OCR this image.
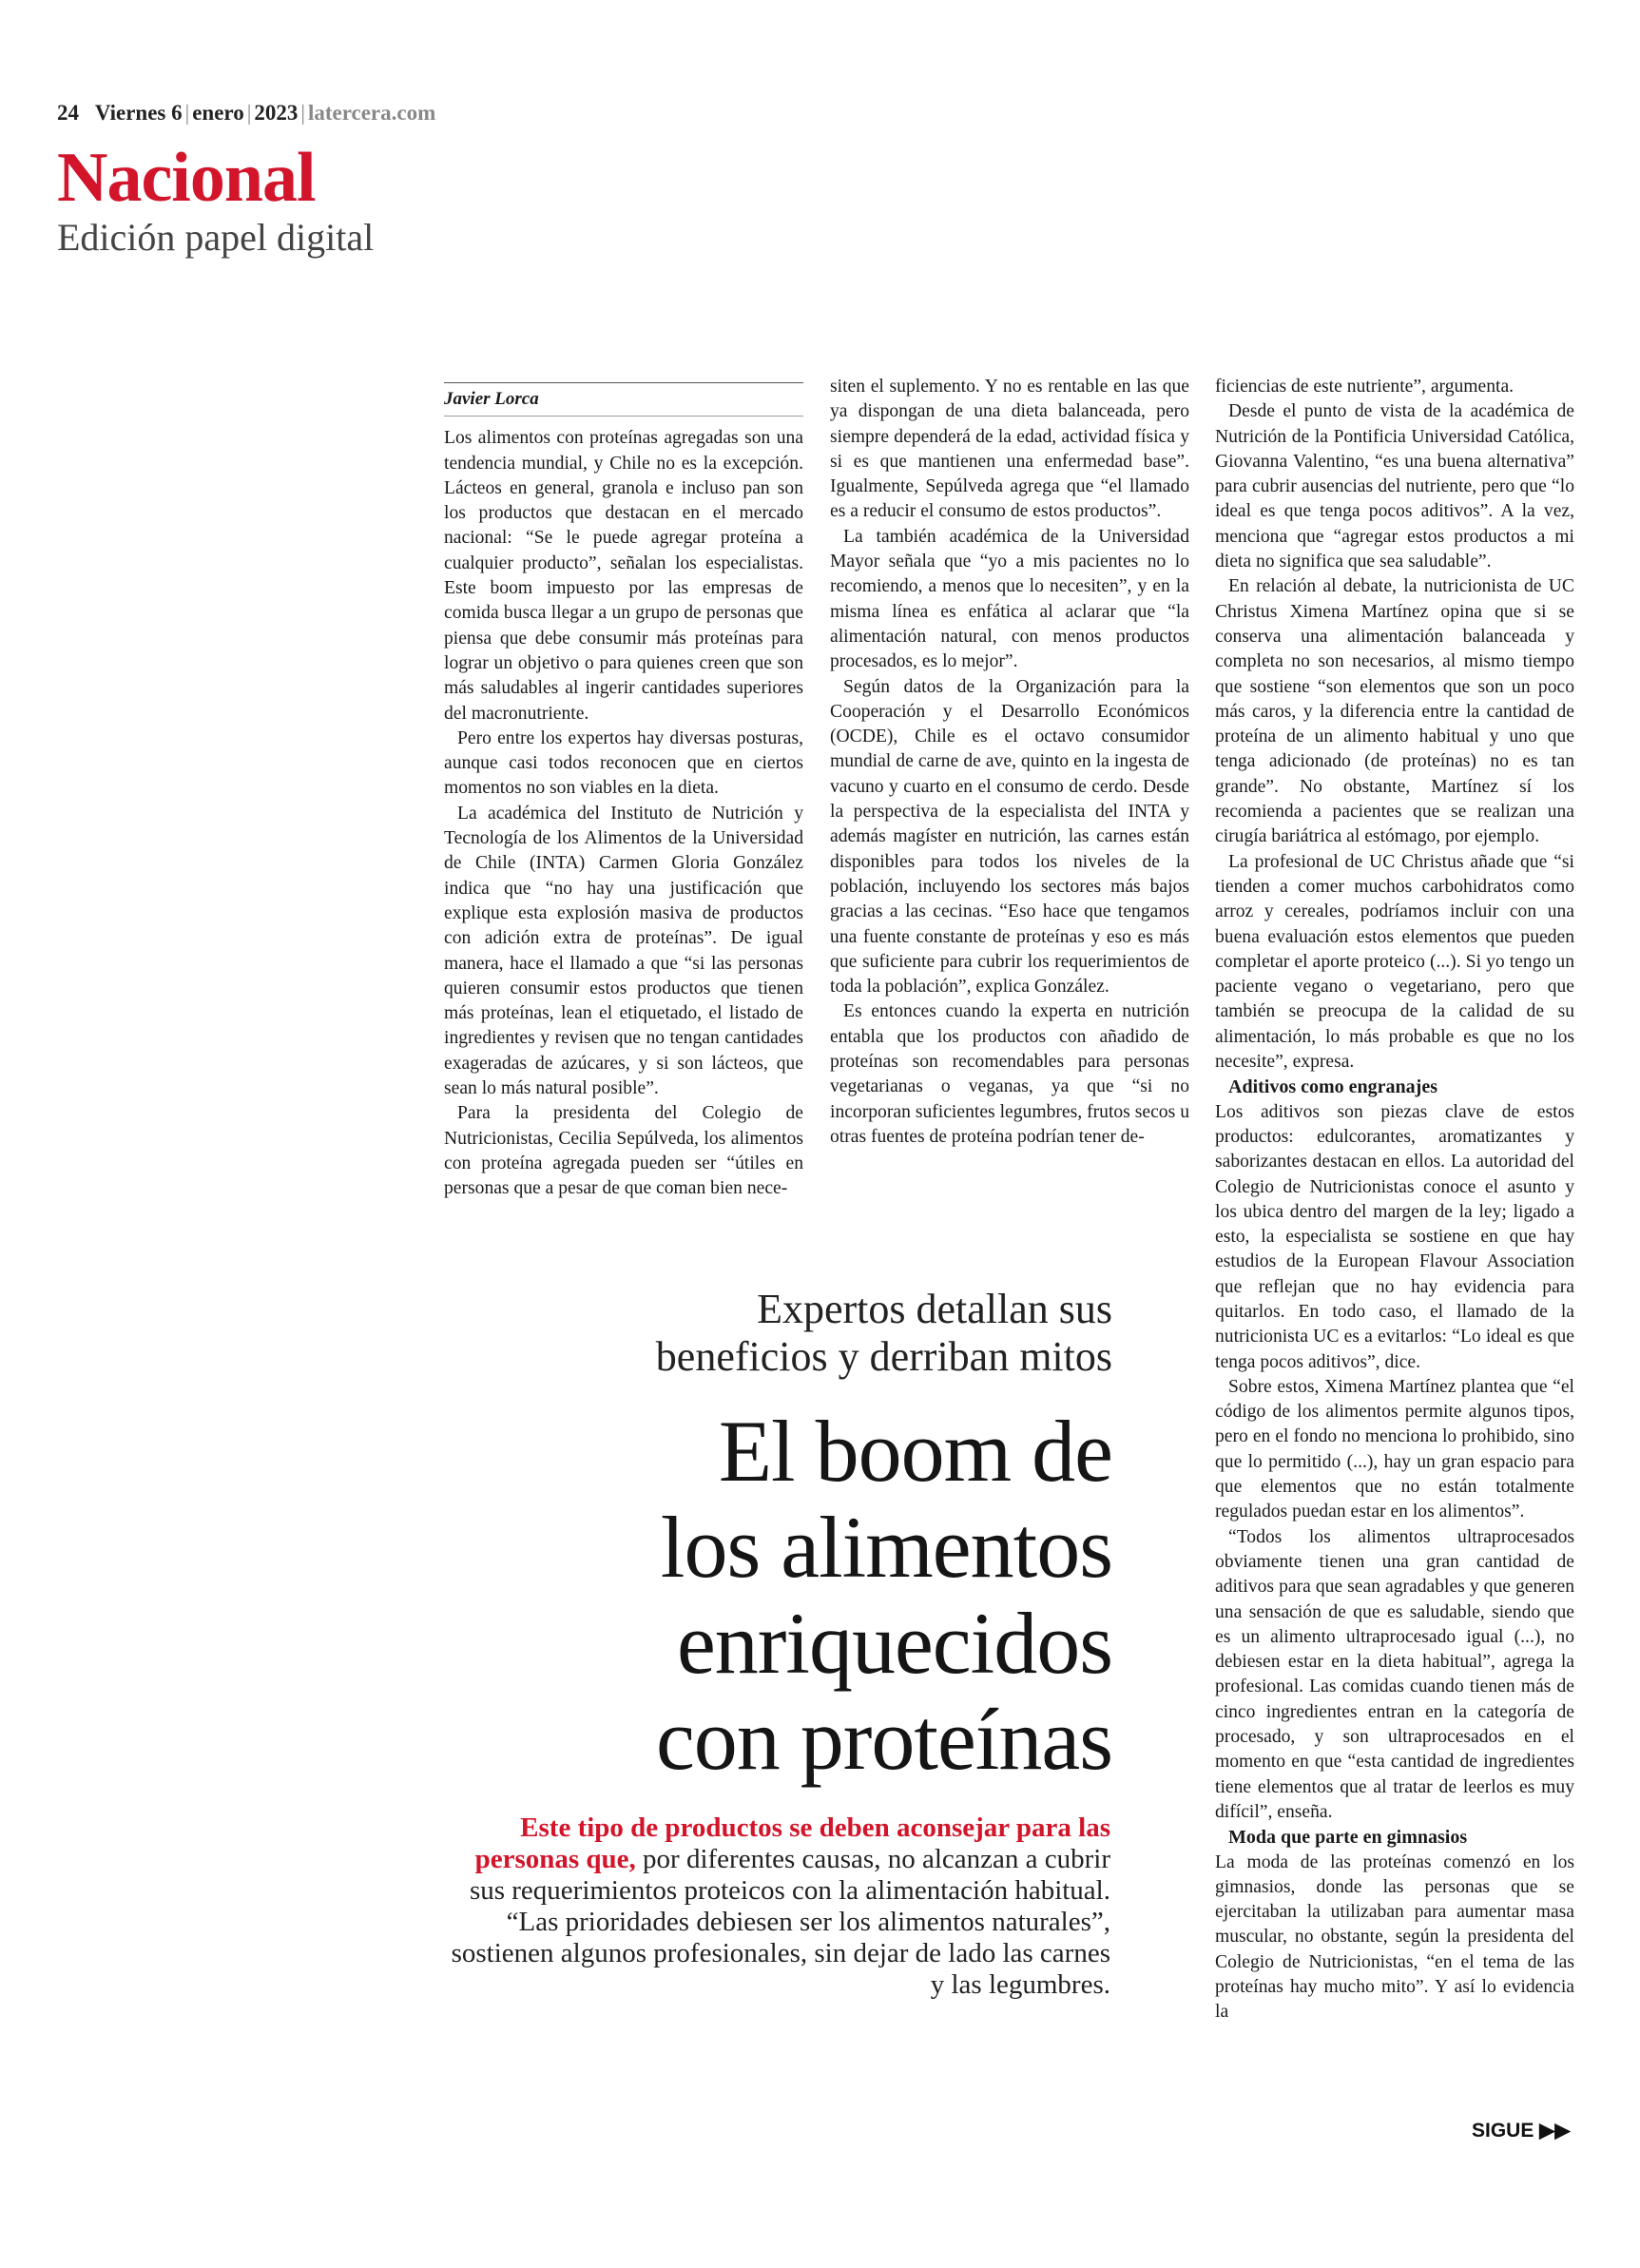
24 Viernes 6 | enero | 2023 | latercera.com
Nacional
Edición papel digital
Javier Lorca

Los alimentos con proteínas agregadas son una tendencia mundial, y Chile no es la excepción. Lácteos en general, granola e incluso pan son los productos que destacan en el mercado nacional: “Se le puede agregar proteína a cualquier producto”, señalan los especialistas. Este boom impuesto por las empresas de comida busca llegar a un grupo de personas que piensa que debe consumir más proteínas para lograr un objetivo o para quienes creen que son más saludables al ingerir cantidades superiores del macronutriente.

Pero entre los expertos hay diversas posturas, aunque casi todos reconocen que en ciertos momentos no son viables en la dieta.

La académica del Instituto de Nutrición y Tecnología de los Alimentos de la Universidad de Chile (INTA) Carmen Gloria González indica que “no hay una justificación que explique esta explosión masiva de productos con adición extra de proteínas”. De igual manera, hace el llamado a que “si las personas quieren consumir estos productos que tienen más proteínas, lean el etiquetado, el listado de ingredientes y revisen que no tengan cantidades exageradas de azúcares, y si son lácteos, que sean lo más natural posible”.

Para la presidenta del Colegio de Nutricionistas, Cecilia Sepúlveda, los alimentos con proteína agregada pueden ser “útiles en personas que a pesar de que coman bien nece-

siten el suplemento. Y no es rentable en las que ya dispongan de una dieta balanceada, pero siempre dependerá de la edad, actividad física y si es que mantienen una enfermedad base”. Igualmente, Sepúlveda agrega que “el llamado es a reducir el consumo de estos productos”.

La también académica de la Universidad Mayor señala que “yo a mis pacientes no lo recomiendo, a menos que lo necesiten”, y en la misma línea es enfática al aclarar que “la alimentación natural, con menos productos procesados, es lo mejor”.

Según datos de la Organización para la Cooperación y el Desarrollo Económicos (OCDE), Chile es el octavo consumidor mundial de carne de ave, quinto en la ingesta de vacuno y cuarto en el consumo de cerdo. Desde la perspectiva de la especialista del INTA y además magíster en nutrición, las carnes están disponibles para todos los niveles de la población, incluyendo los sectores más bajos gracias a las cecinas. “Eso hace que tengamos una fuente constante de proteínas y eso es más que suficiente para cubrir los requerimientos de toda la población”, explica González.

Es entonces cuando la experta en nutrición entabla que los productos con añadido de proteínas son recomendables para personas vegetarianas o veganas, ya que “si no incorporan suficientes legumbres, frutos secos u otras fuentes de proteína podrían tener de-

ficiencias de este nutriente”, argumenta.

Desde el punto de vista de la académica de Nutrición de la Pontificia Universidad Católica, Giovanna Valentino, “es una buena alternativa” para cubrir ausencias del nutriente, pero que “lo ideal es que tenga pocos aditivos”. A la vez, menciona que “agregar estos productos a mi dieta no significa que sea saludable”.

En relación al debate, la nutricionista de UC Christus Ximena Martínez opina que si se conserva una alimentación balanceada y completa no son necesarios, al mismo tiempo que sostiene “son elementos que son un poco más caros, y la diferencia entre la cantidad de proteína de un alimento habitual y uno que tenga adicionado (de proteínas) no es tan grande”. No obstante, Martínez sí los recomienda a pacientes que se realizan una cirugía bariátrica al estómago, por ejemplo.

La profesional de UC Christus añade que “si tienden a comer muchos carbohidratos como arroz y cereales, podríamos incluir con una buena evaluación estos elementos que pueden completar el aporte proteico (...). Si yo tengo un paciente vegano o vegetariano, pero que también se preocupa de la calidad de su alimentación, lo más probable es que no los necesite”, expresa.

Aditivos como engranajes

Los aditivos son piezas clave de estos productos: edulcorantes, aromatizantes y saborizantes destacan en ellos. La autoridad del Colegio de Nutricionistas conoce el asunto y los ubica dentro del margen de la ley; ligado a esto, la especialista se sostiene en que hay estudios de la European Flavour Association que reflejan que no hay evidencia para quitarlos. En todo caso, el llamado de la nutricionista UC es a evitarlos: “Lo ideal es que tenga pocos aditivos”, dice.

Sobre estos, Ximena Martínez plantea que “el código de los alimentos permite algunos tipos, pero en el fondo no menciona lo prohibido, sino que lo permitido (...), hay un gran espacio para que elementos que no están totalmente regulados puedan estar en los alimentos”.

“Todos los alimentos ultraprocesados obviamente tienen una gran cantidad de aditivos para que sean agradables y que generen una sensación de que es saludable, siendo que es un alimento ultraprocesado igual (...), no debiesen estar en la dieta habitual”, agrega la profesional. Las comidas cuando tienen más de cinco ingredientes entran en la categoría de procesado, y son ultraprocesados en el momento en que “esta cantidad de ingredientes tiene elementos que al tratar de leerlos es muy difícil”, enseña.

Moda que parte en gimnasios

La moda de las proteínas comenzó en los gimnasios, donde las personas que se ejercitaban la utilizaban para aumentar masa muscular, no obstante, según la presidenta del Colegio de Nutricionistas, “en el tema de las proteínas hay mucho mito”. Y así lo evidencia la

Expertos detallan sus
beneficios y derriban mitos
El boom de
los alimentos
enriquecidos
con proteínas
Este tipo de productos se deben aconsejar para las personas que, por diferentes causas, no alcanzan a cubrir sus requerimientos proteicos con la alimentación habitual. “Las prioridades debiesen ser los alimentos naturales”, sostienen algunos profesionales, sin dejar de lado las carnes y las legumbres.
SIGUE ▶▶
